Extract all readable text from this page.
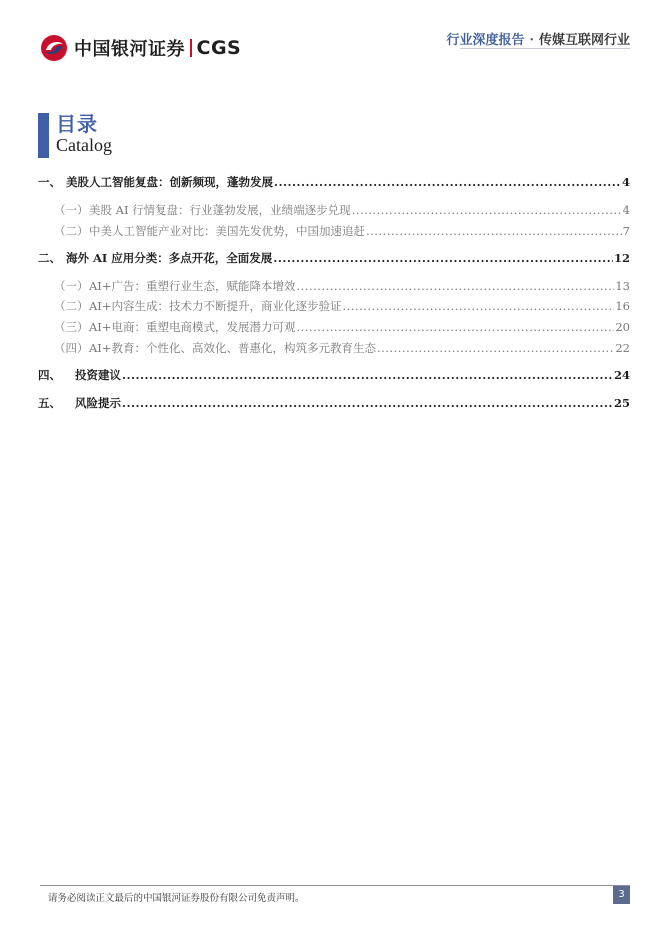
中国银河证券 CGS	行业深度报告 · 传媒互联网行业
目录
Catalog
一、 美股人工智能复盘：创新频现，蓬勃发展 .....	4
（一） 美股 AI 行情复盘：行业蓬勃发展，业绩端逐步兑现 .....	4
（二） 中美人工智能产业对比：美国先发优势，中国加速追赶 .....	7
二、 海外 AI 应用分类：多点开花，全面发展 .....	12
（一） AI+广告：重塑行业生态，赋能降本增效 .....	13
（二） AI+内容生成：技术力不断提升，商业化逐步验证 .....	16
（三） AI+电商：重塑电商模式，发展潜力可观 .....	20
（四） AI+教育：个性化、高效化、普惠化，构筑多元教育生态 .....	22
四、	投资建议 .....	24
五、	风险提示 .....	25
请务必阅读正文最后的中国银河证券股份有限公司免责声明。	3
